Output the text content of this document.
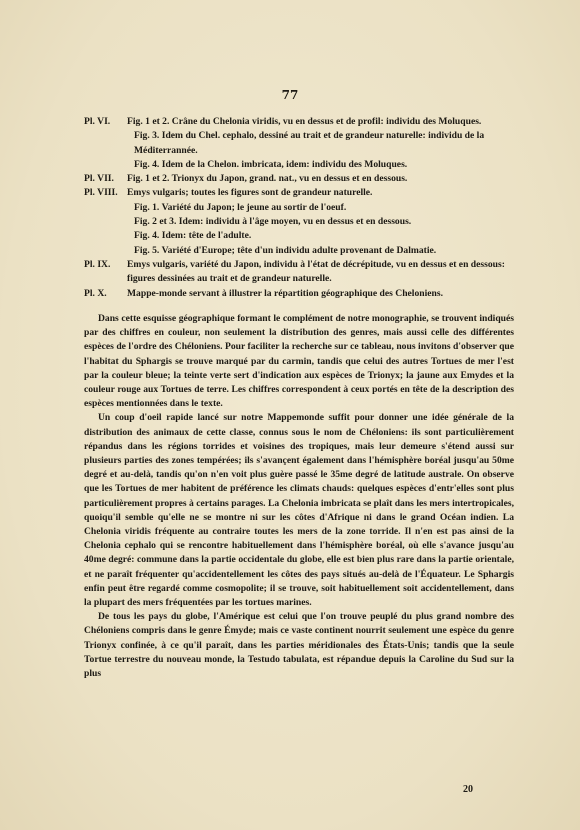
77
Pl. VI.	Fig. 1 et 2. Crâne du Chelonia viridis, vu en dessus et de profil: individu des Moluques.
Fig. 3. Idem du Chel. cephalo, dessiné au trait et de grandeur naturelle: individu de la Méditerrannée.
Fig. 4. Idem de la Chelon. imbricata, idem: individu des Moluques.
Pl. VII.	Fig. 1 et 2. Trionyx du Japon, grand. nat., vu en dessus et en dessous.
Pl. VIII. Emys vulgaris; toutes les figures sont de grandeur naturelle.
Fig. 1. Variété du Japon; le jeune au sortir de l'oeuf.
Fig. 2 et 3. Idem: individu à l'âge moyen, vu en dessus et en dessous.
Fig. 4. Idem: tête de l'adulte.
Fig. 5. Variété d'Europe; tête d'un individu adulte provenant de Dalmatie.
Pl. IX.	Emys vulgaris, variété du Japon, individu à l'état de décrépitude, vu en dessus et en dessous: figures dessinées au trait et de grandeur naturelle.
Pl. X.	Mappe-monde servant à illustrer la répartition géographique des Cheloniens.

Dans cette esquisse géographique formant le complément de notre monographie, se trouvent indiqués par des chiffres en couleur, non seulement la distribution des genres, mais aussi celle des différentes espèces de l'ordre des Chéloniens. Pour faciliter la recherche sur ce tableau, nous invitons d'observer que l'habitat du Sphargis se trouve marqué par du carmin, tandis que celui des autres Tortues de mer l'est par la couleur bleue; la teinte verte sert d'indication aux espèces de Trionyx; la jaune aux Emydes et la couleur rouge aux Tortues de terre. Les chiffres correspondent à ceux portés en tête de la description des espèces mentionnées dans le texte.

Un coup d'oeil rapide lancé sur notre Mappemonde suffit pour donner une idée générale de la distribution des animaux de cette classe, connus sous le nom de Chéloniens: ils sont particulièrement répandus dans les régions torrides et voisines des tropiques, mais leur demeure s'étend aussi sur plusieurs parties des zones tempérées; ils s'avançent également dans l'hémisphère boréal jusqu'au 50me degré et au-delà, tandis qu'on n'en voit plus guère passé le 35me degré de latitude australe. On observe que les Tortues de mer habitent de préférence les climats chauds: quelques espèces d'entr'elles sont plus particulièrement propres à certains parages. La Chelonia imbricata se plaît dans les mers intertropicales, quoiqu'il semble qu'elle ne se montre ni sur les côtes d'Afrique ni dans le grand Océan indien. La Chelonia viridis fréquente au contraire toutes les mers de la zone torride. Il n'en est pas ainsi de la Chelonia cephalo qui se rencontre habituellement dans l'hémisphère boréal, où elle s'avance jusqu'au 40me degré: commune dans la partie occidentale du globe, elle est bien plus rare dans la partie orientale, et ne paraît fréquenter qu'accidentellement les côtes des pays situés au-delà de l'Équateur. Le Sphargis enfin peut être regardé comme cosmopolite; il se trouve, soit habituellement soit accidentellement, dans la plupart des mers fréquentées par les tortues marines.

De tous les pays du globe, l'Amérique est celui que l'on trouve peuplé du plus grand nombre des Chéloniens compris dans le genre Émyde; mais ce vaste continent nourrit seulement une espèce du genre Trionyx confinée, à ce qu'il paraît, dans les parties méridionales des États-Unis; tandis que la seule Tortue terrestre du nouveau monde, la Testudo tabulata, est répandue depuis la Caroline du Sud sur la plus

20
